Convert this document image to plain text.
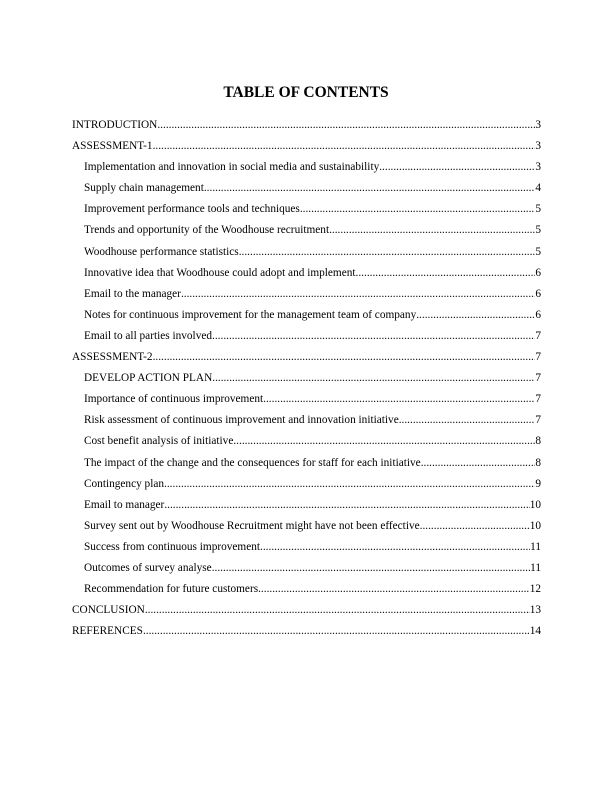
TABLE OF CONTENTS
INTRODUCTION .....	3
ASSESSMENT-1 .....	3
Implementation and innovation in social media and sustainability .....	3
Supply chain management .....	4
Improvement performance tools and techniques .....	5
Trends and opportunity of the Woodhouse recruitment .....	5
Woodhouse performance statistics .....	5
Innovative idea that Woodhouse could adopt and implement .....	6
Email to the manager .....	6
Notes for continuous improvement for the management team of company .....	6
Email to all parties involved .....	7
ASSESSMENT-2 .....	7
DEVELOP ACTION PLAN .....	7
Importance of continuous improvement .....	7
Risk assessment of continuous improvement and innovation initiative .....	7
Cost benefit analysis of initiative .....	8
The impact of the change and the consequences for staff for each initiative .....	8
Contingency plan .....	9
Email to manager .....	10
Survey sent out by Woodhouse Recruitment might have not been effective .....	10
Success from continuous improvement .....	11
Outcomes of survey analyse .....	11
Recommendation for future customers .....	12
CONCLUSION .....	13
REFERENCES .....	14
